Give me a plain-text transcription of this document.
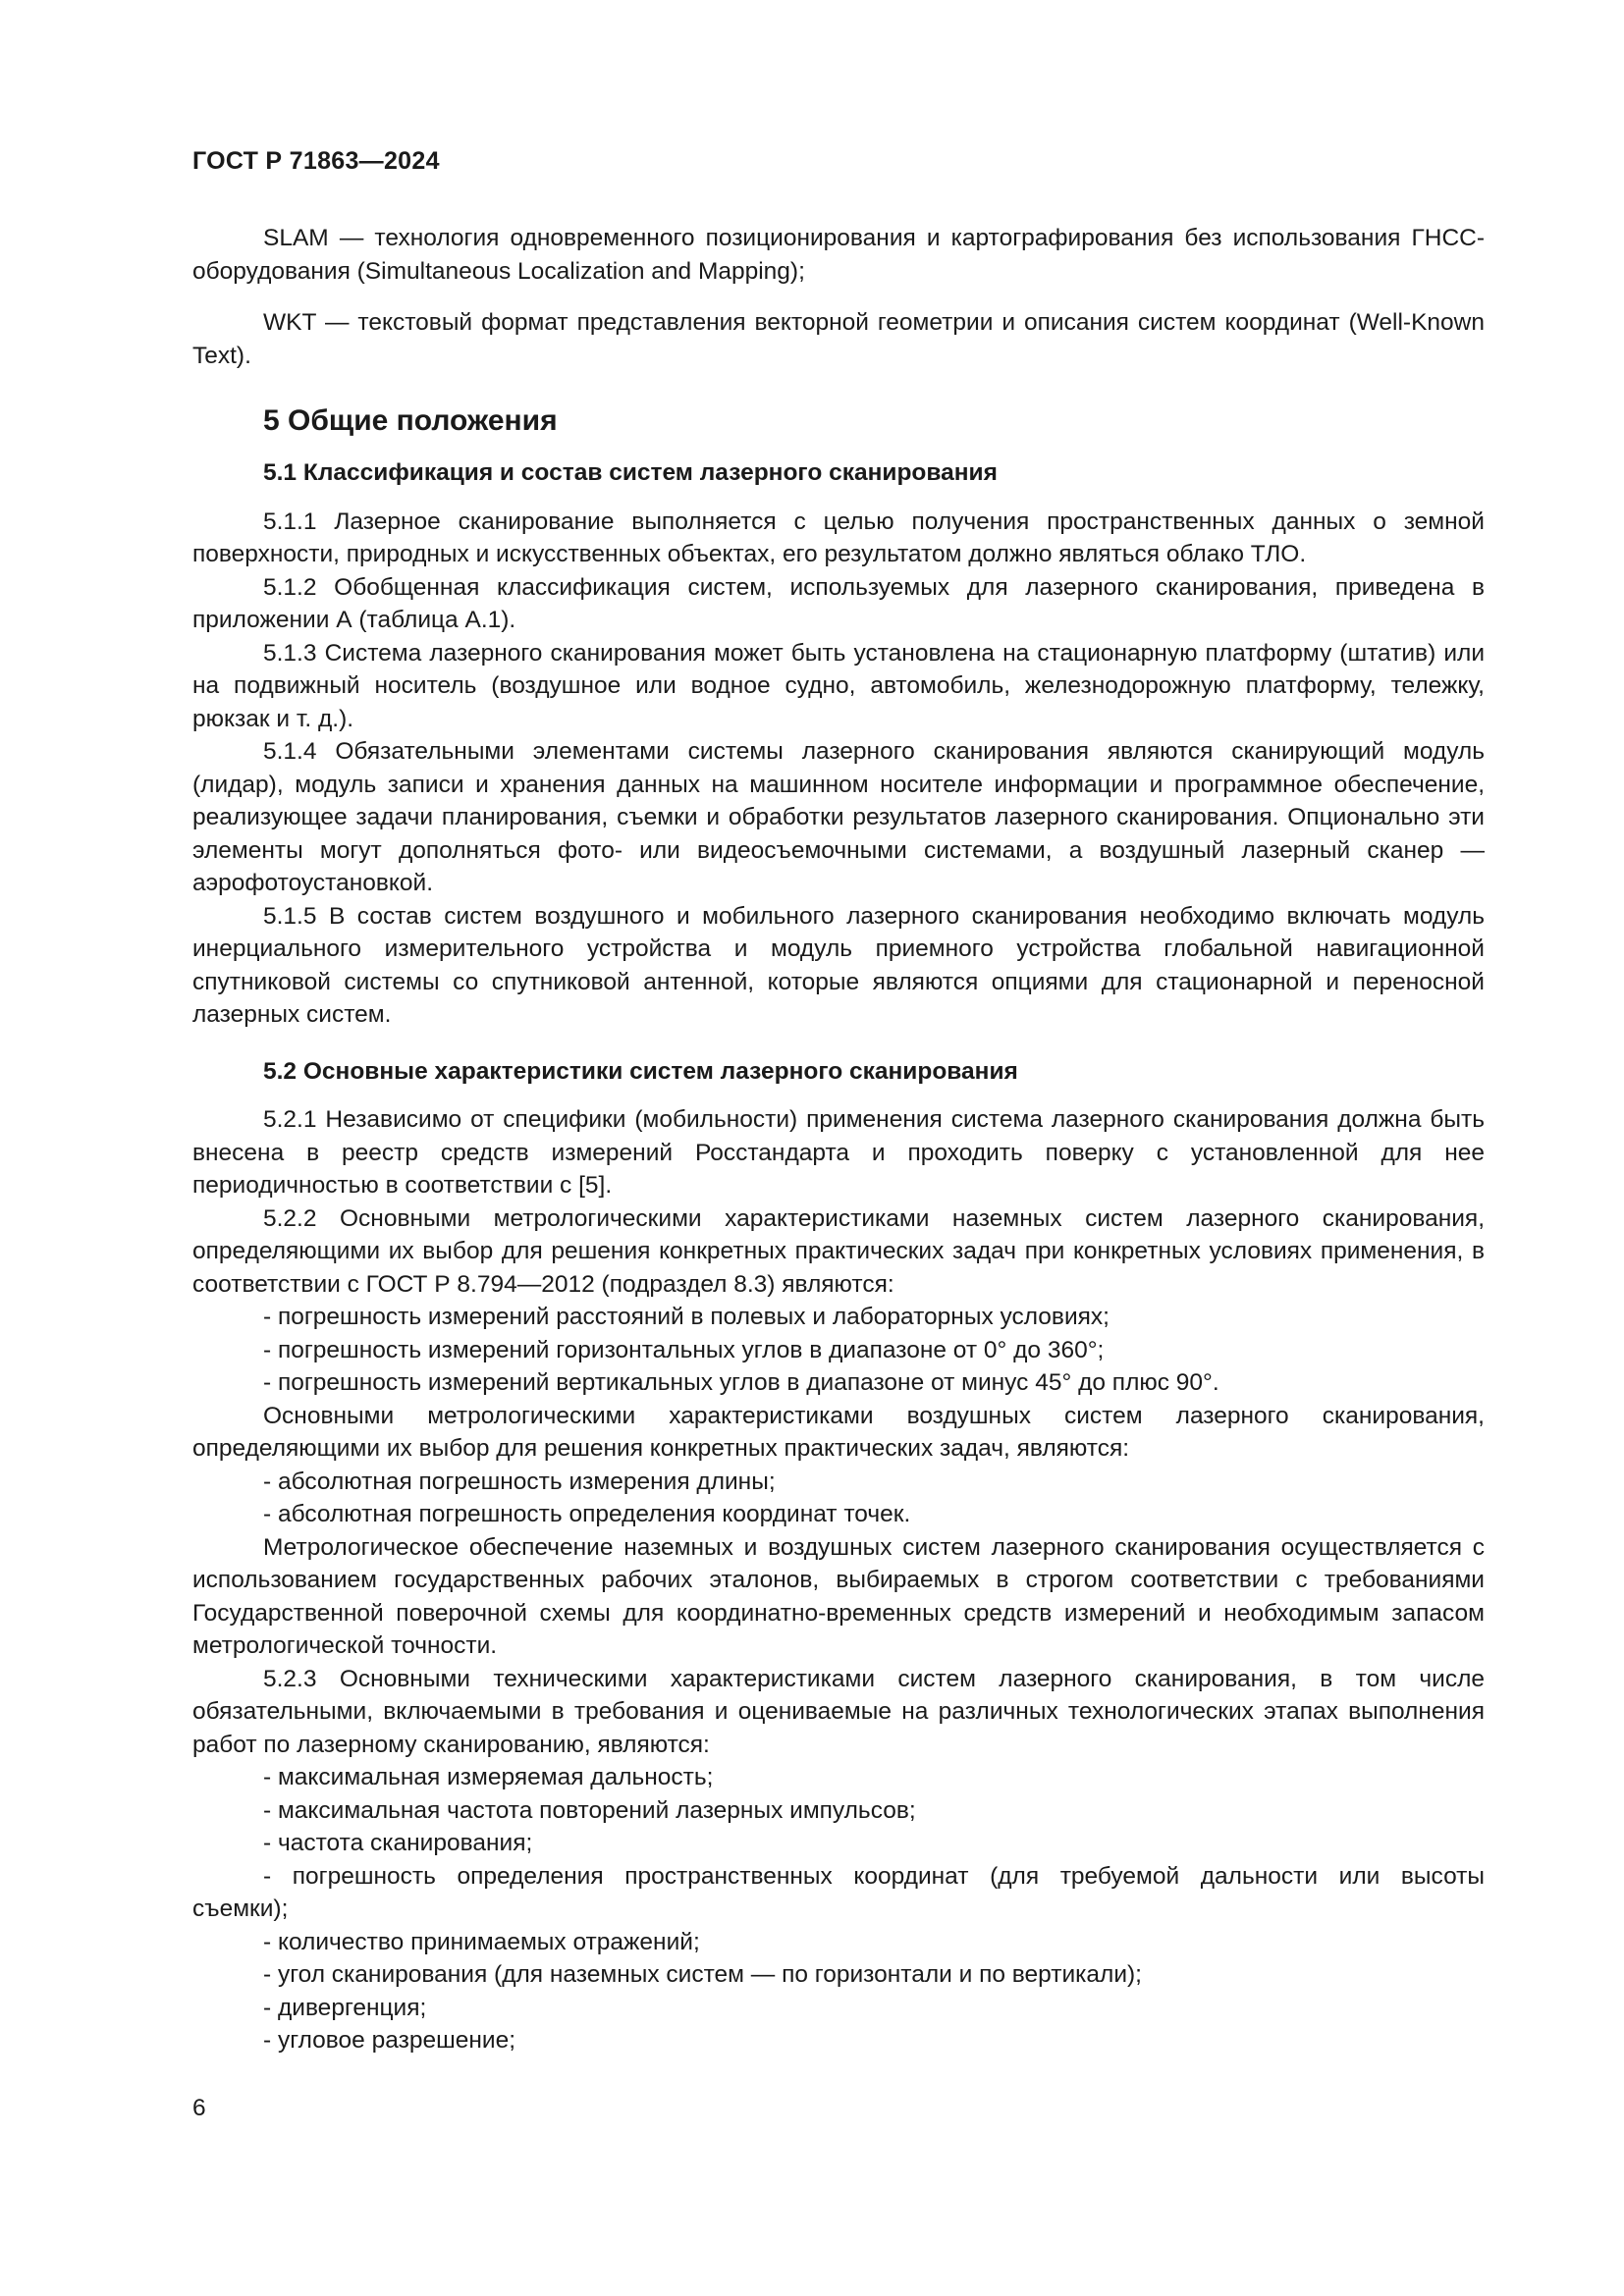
ГОСТ Р 71863—2024

SLAM — технология одновременного позиционирования и картографирования без использования ГНСС-оборудования (Simultaneous Localization and Mapping);

WKT — текстовый формат представления векторной геометрии и описания систем координат (Well-Known Text).

5 Общие положения
5.1 Классификация и состав систем лазерного сканирования

5.1.1 Лазерное сканирование выполняется с целью получения пространственных данных о земной поверхности, природных и искусственных объектах, его результатом должно являться облако ТЛО.

5.1.2 Обобщенная классификация систем, используемых для лазерного сканирования, приведена в приложении А (таблица А.1).

5.1.3 Система лазерного сканирования может быть установлена на стационарную платформу (штатив) или на подвижный носитель (воздушное или водное судно, автомобиль, железнодорожную платформу, тележку, рюкзак и т. д.).

5.1.4 Обязательными элементами системы лазерного сканирования являются сканирующий модуль (лидар), модуль записи и хранения данных на машинном носителе информации и программное обеспечение, реализующее задачи планирования, съемки и обработки результатов лазерного сканирования. Опционально эти элементы могут дополняться фото- или видеосъемочными системами, а воздушный лазерный сканер — аэрофотоустановкой.

5.1.5 В состав систем воздушного и мобильного лазерного сканирования необходимо включать модуль инерциального измерительного устройства и модуль приемного устройства глобальной навигационной спутниковой системы со спутниковой антенной, которые являются опциями для стационарной и переносной лазерных систем.

5.2 Основные характеристики систем лазерного сканирования

5.2.1 Независимо от специфики (мобильности) применения система лазерного сканирования должна быть внесена в реестр средств измерений Росстандарта и проходить поверку с установленной для нее периодичностью в соответствии с [5].

5.2.2 Основными метрологическими характеристиками наземных систем лазерного сканирования, определяющими их выбор для решения конкретных практических задач при конкретных условиях применения, в соответствии с ГОСТ Р 8.794—2012 (подраздел 8.3) являются:

- погрешность измерений расстояний в полевых и лабораторных условиях;

- погрешность измерений горизонтальных углов в диапазоне от 0° до 360°;

- погрешность измерений вертикальных углов в диапазоне от минус 45° до плюс 90°.

Основными метрологическими характеристиками воздушных систем лазерного сканирования, определяющими их выбор для решения конкретных практических задач, являются:

- абсолютная погрешность измерения длины;

- абсолютная погрешность определения координат точек.

Метрологическое обеспечение наземных и воздушных систем лазерного сканирования осуществляется с использованием государственных рабочих эталонов, выбираемых в строгом соответствии с требованиями Государственной поверочной схемы для координатно-временных средств измерений и необходимым запасом метрологической точности.

5.2.3 Основными техническими характеристиками систем лазерного сканирования, в том числе обязательными, включаемыми в требования и оцениваемые на различных технологических этапах выполнения работ по лазерному сканированию, являются:

- максимальная измеряемая дальность;

- максимальная частота повторений лазерных импульсов;

- частота сканирования;

- погрешность определения пространственных координат (для требуемой дальности или высоты

съемки);

- количество принимаемых отражений;

- угол сканирования (для наземных систем — по горизонтали и по вертикали);

- дивергенция;

- угловое разрешение;

6
